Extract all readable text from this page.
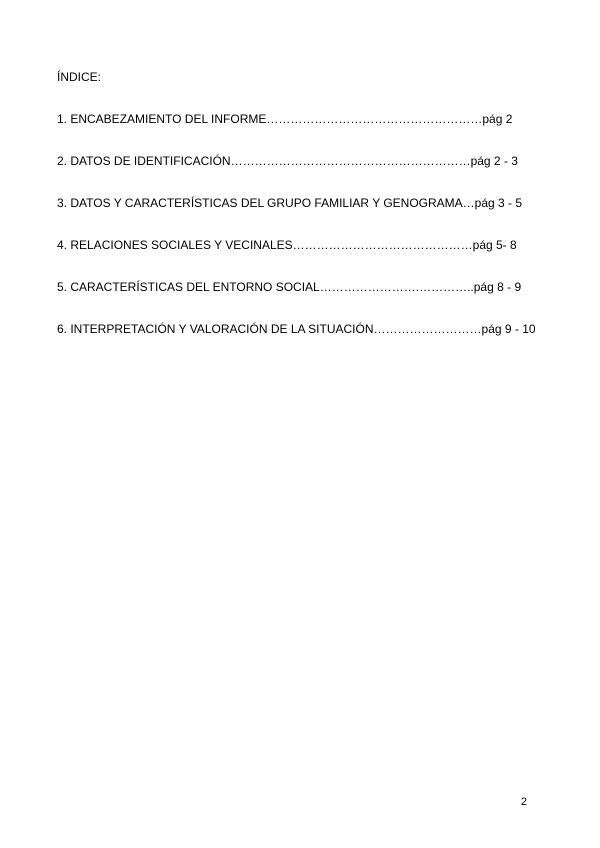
ÍNDICE:
1. ENCABEZAMIENTO DEL INFORME………………………………………………pág 2
2. DATOS DE IDENTIFICACIÓN……………………………………………………pág 2 - 3
3. DATOS Y CARACTERÍSTICAS DEL GRUPO FAMILIAR Y GENOGRAMA…pág 3 - 5
4. RELACIONES SOCIALES Y VECINALES………………………………………pág 5- 8
5. CARACTERÍSTICAS DEL ENTORNO SOCIAL…………………….…………..pág 8 - 9
6. INTERPRETACIÓN Y VALORACIÓN DE LA SITUACIÓN………………………pág 9 - 10
2
